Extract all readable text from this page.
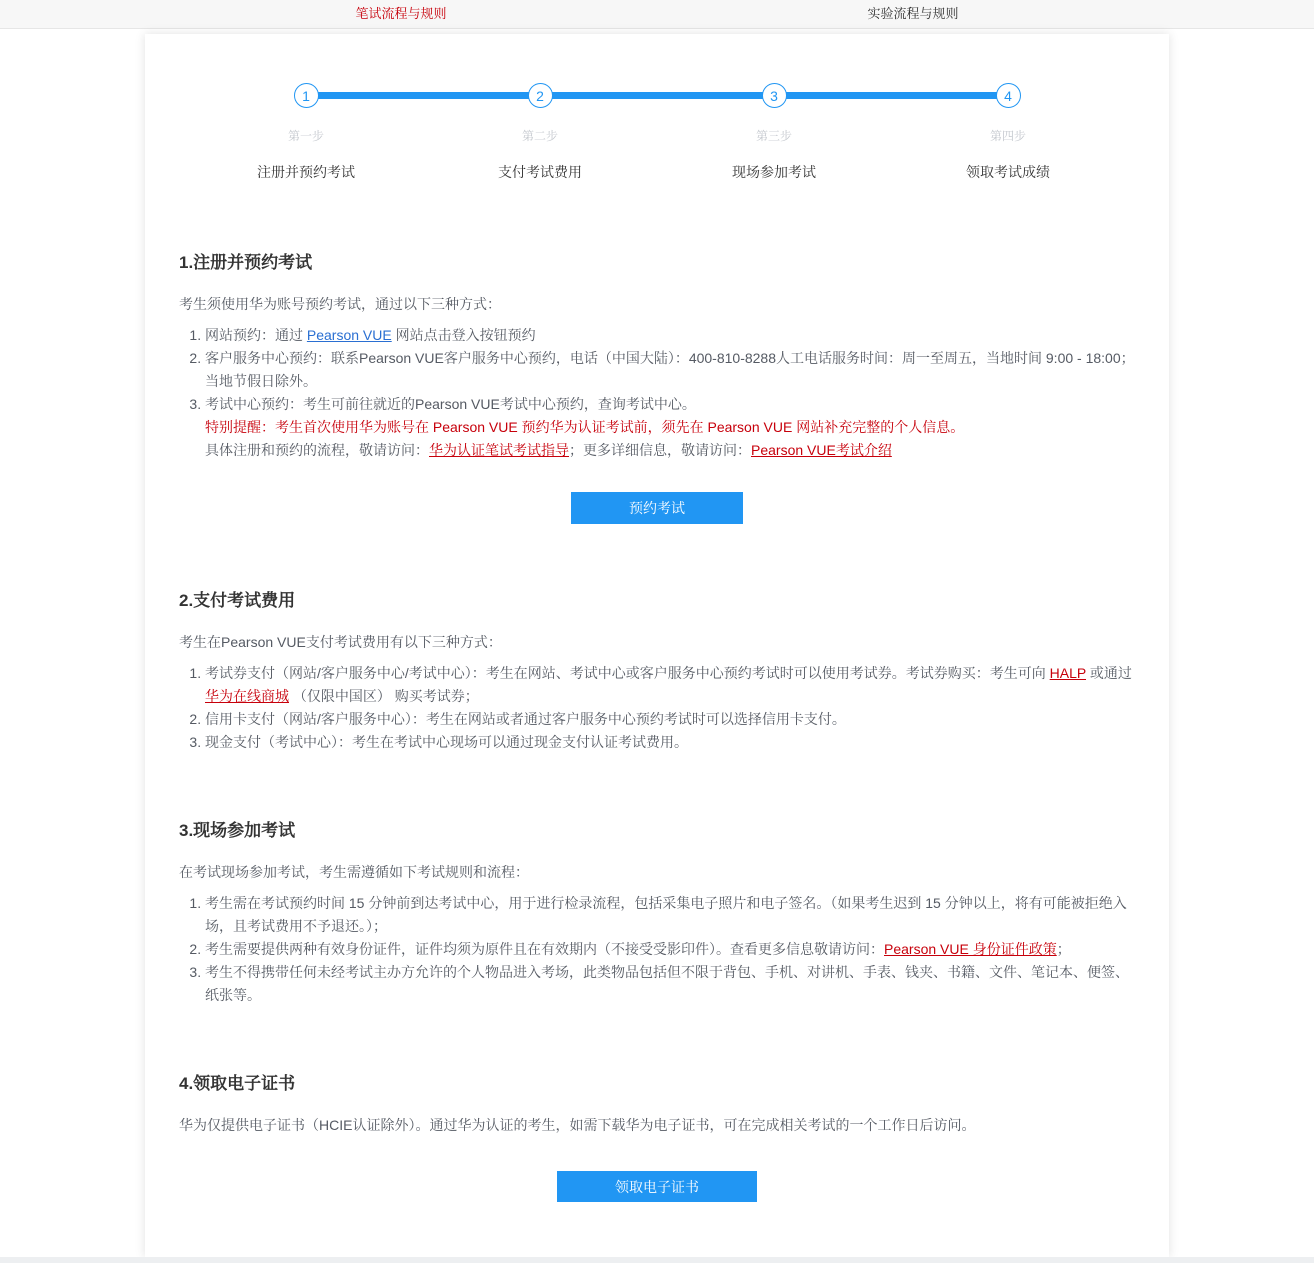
笔试流程与规则	实验流程与规则
1
第一步
注册并预约考试
2
第二步
支付考试费用
3
第三步
现场参加考试
4
第四步
领取考试成绩
1.注册并预约考试

考生须使用华为账号预约考试，通过以下三种方式：

1. 网站预约：通过 Pearson VUE 网站点击登入按钮预约
2. 客户服务中心预约：联系Pearson VUE客户服务中心预约，电话（中国大陆）：400-810-8288人工电话服务时间：周一至周五，当地时间 9:00 - 18:00；当地节假日除外。
3. 考试中心预约：考生可前往就近的Pearson VUE考试中心预约，查询考试中心。

特别提醒：考生首次使用华为账号在 Pearson VUE 预约华为认证考试前，须先在 Pearson VUE 网站补充完整的个人信息。

具体注册和预约的流程，敬请访问：华为认证笔试考试指导；更多详细信息，敬请访问：Pearson VUE考试介绍

预约考试
2.支付考试费用

考生在Pearson VUE支付考试费用有以下三种方式：

1. 考试券支付（网站/客户服务中心/考试中心）：考生在网站、考试中心或客户服务中心预约考试时可以使用考试券。考试券购买：考生可向 HALP 或通过 华为在线商城 （仅限中国区） 购买考试券；
2. 信用卡支付（网站/客户服务中心）：考生在网站或者通过客户服务中心预约考试时可以选择信用卡支付。
3. 现金支付（考试中心）：考生在考试中心现场可以通过现金支付认证考试费用。
3.现场参加考试

在考试现场参加考试，考生需遵循如下考试规则和流程：

1. 考生需在考试预约时间 15 分钟前到达考试中心，用于进行检录流程，包括采集电子照片和电子签名。（如果考生迟到 15 分钟以上，将有可能被拒绝入场，且考试费用不予退还。）；
2. 考生需要提供两种有效身份证件，证件均须为原件且在有效期内（不接受受影印件）。查看更多信息敬请访问：Pearson VUE 身份证件政策；
3. 考生不得携带任何未经考试主办方允许的个人物品进入考场，此类物品包括但不限于背包、手机、对讲机、手表、钱夹、书籍、文件、笔记本、便签、纸张等。
4.领取电子证书

华为仅提供电子证书（HCIE认证除外）。通过华为认证的考生，如需下载华为电子证书，可在完成相关考试的一个工作日后访问。

领取电子证书
